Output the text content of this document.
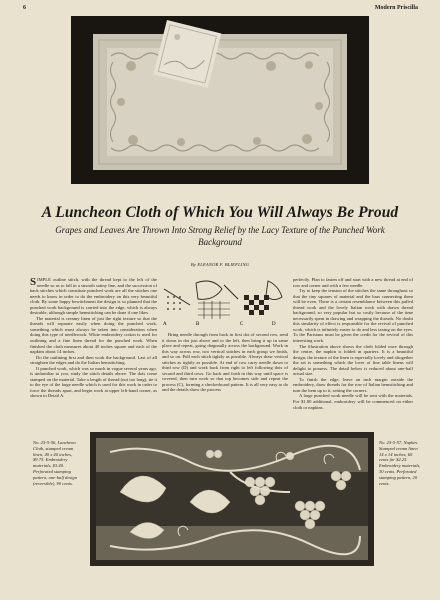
6	Modern Priscilla
A Luncheon Cloth of Which You Will Always Be Proud
Grapes and Leaves Are Thrown Into Strong Relief by the Lacy Texture of the Punched Work Background
By ELEANOR F. BLIEFLING

SIMPLE outline stitch, with the thread kept to the left of the needle so as to fall in a smooth satiny line, and the succession of back stitches which constitute punched work are all the stitches one needs to know in order to do the embroidery on this very beautiful cloth. By some happy bewitchment the design is so planned that the punched work background is carried into the edge, which is always desirable, although simple hemstitching can be done if one likes.

The material is creamy linen of just the right texture so that the threads will separate easily when doing the punched work, something which must always be taken into consideration when doing this type of needlework. White embroidery cotton is used for outlining and a fine linen thread for the punched work. When finished the cloth measures about 40 inches square and each of the napkins about 14 inches.

Do the outlining first and then work the background. Last of all straighten the edges and do the Italian hemstitching.

If punched work, which was so much in vogue several years ago, is unfamiliar to you, study the stitch details above. The dots come stamped on the material. Take a length of thread (not too long), tie it to the eye of the large needle which is used for this work in order to force the threads apart, and begin work at upper left-hand corner, as shown in Detail A.

A	B	C	D

Bring needle through from back in first dot of second row, send it down in dot just above and to the left, then bring it up in same place and repeat, going diagonally across the background. Work in this way across row, two vertical stitches in each group we finish, and so on. Pull each stitch tightly as possible. Always draw vertical stitches as tightly as possible. At end of row carry needle down to third row (D) and work back from right to left following dots of second and third rows. Go back and forth in this way until space is covered, then turn work so that top becomes side and repeat the process (C), forming a checkerboard pattern. It is all very easy to do and the details show the process

perfectly. Plan to fasten off and start with a new thread at end of row and corner and with a few needle.

Try to keep the tension of the stitches the same throughout so that the tiny squares of material and the bars connecting them will be even. There is a certain resemblance between this pulled thread work and the lovely Italian work with drawn thread background, so very popular but so costly because of the time necessarily spent in drawing and wrapping the threads. No doubt this similarity of effect is responsible for the revival of punched work, which is infinitely easier to do and less taxing on the eyes. To the Parisians must be given the credit for the revival of this interesting work.

The illustration above shows the cloth folded once through the centre, the napkin is folded in quarters. It is a beautiful design, the texture of the linen is especially lovely and altogether the set is something which the lover of fine table linens will delight to possess. The detail below is reduced about one-half actual size.

To finish the edge, leave an inch margin outside the embroidery, draw threads for the row of Italian hemstitching and turn the hem up to it, setting the corners.

A large punched work needle will be sent with the materials. For $1.00 additional, embroidery will be commenced on either cloth or napkins.

No. 25-5-56, Luncheon Cloth, stamped cream linen, 40 x 40 inches, $9.75. Embroidery materials, $3.40. Perforated stamping pattern, one-half design (reversible), 90 cents.
No. 25-5-57, Napkin. Stamped cream linen 14 x 14 inches, 60 cents for $2.25. Embroidery materials, 30 cents. Perforated stamping pattern, 20 cents.
